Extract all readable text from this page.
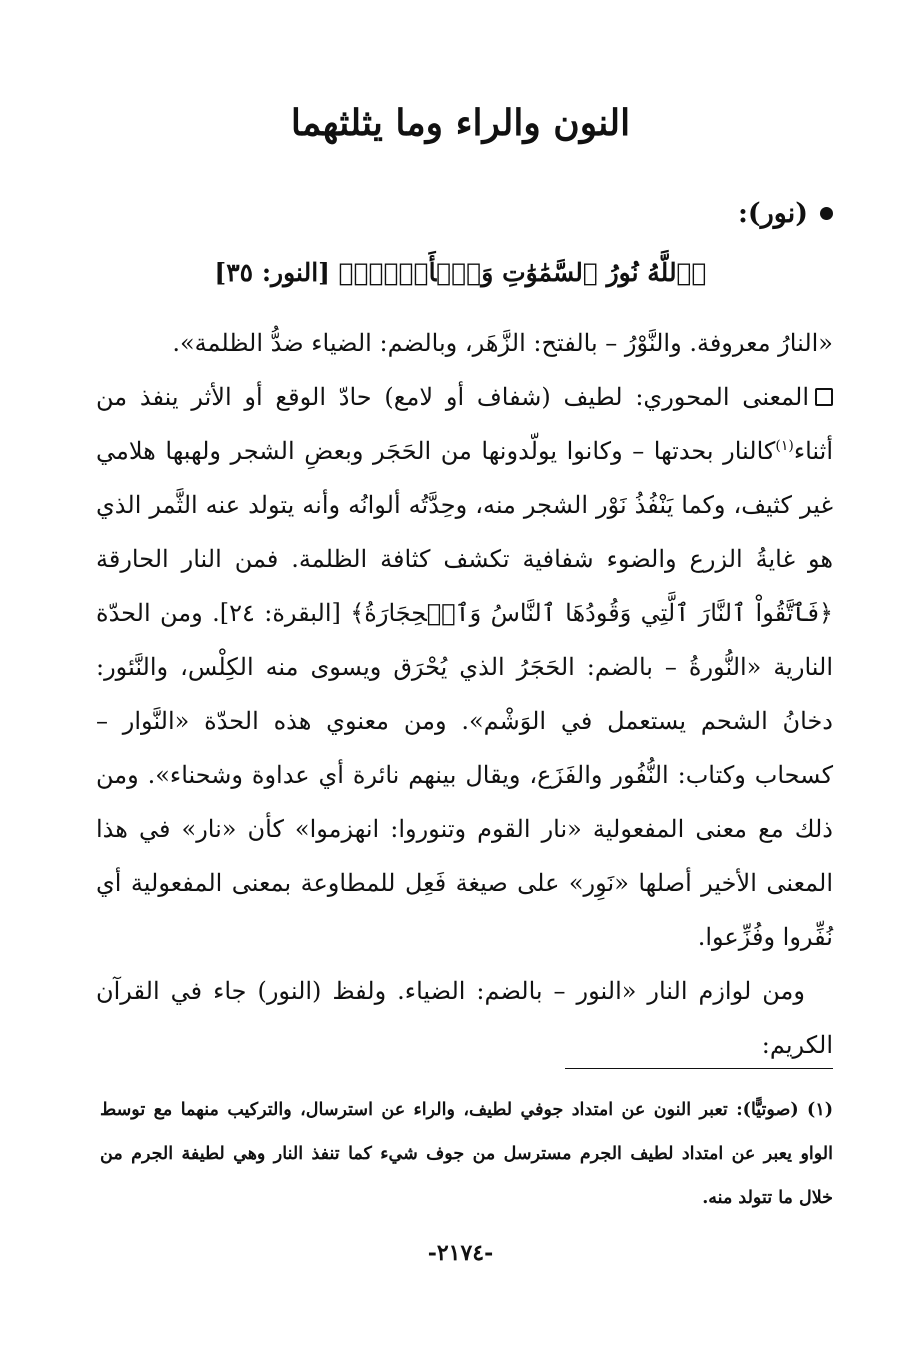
النون والراء وما يثلثهما
(نور):
﴿ٱللَّهُ نُورُ ٱلسَّمَٰوَٰتِ وَٱلۡأَرۡضِۚ﴾ [النور: ٣٥]

«النارُ معروفة. والنَّوْرُ – بالفتح: الزَّهَر، وبالضم: الضياء ضدُّ الظلمة».

المعنى المحوري: لطيف (شفاف أو لامع) حادّ الوقع أو الأثر ينفذ من أثناء$^{(١)}$كالنار بحدتها – وكانوا يولّدونها من الحَجَر وبعضِ الشجر ولهبها هلامي غير كثيف، وكما يَنْفُذُ نَوْر الشجر منه، وحِدَّتُه ألوانُه وأنه يتولد عنه الثَّمر الذي هو غايةُ الزرع والضوء شفافية تكشف كثافة الظلمة. فمن النار الحارقة ﴿فَٱتَّقُواْ ٱلنَّارَ ٱلَّتِي وَقُودُهَا ٱلنَّاسُ وَٱلۡحِجَارَةُ﴾ [البقرة: ٢٤]. ومن الحدّة النارية «النُّورةُ – بالضم: الحَجَرُ الذي يُحْرَق ويسوى منه الكِلْس، والنَّئور: دخانُ الشحم يستعمل في الوَشْم». ومن معنوي هذه الحدّة «النَّوار – كسحاب وكتاب: النُّفُور والفَزَع، ويقال بينهم نائرة أي عداوة وشحناء». ومن ذلك مع معنى المفعولية «نار القوم وتنوروا: انهزموا» كأن «نار» في هذا المعنى الأخير أصلها «نَوِر» على صيغة فَعِل للمطاوعة بمعنى المفعولية أي نُفِّروا وفُزِّعوا.

ومن لوازم النار «النور – بالضم: الضياء. ولفظ (النور) جاء في القرآن الكريم:

(١) (صوتيًّا): تعبر النون عن امتداد جوفي لطيف، والراء عن استرسال، والتركيب منهما مع توسط الواو يعبر عن امتداد لطيف الجرم مسترسل من جوف شيء كما تنفذ النار وهي لطيفة الجرم من خلال ما تتولد منه.

-٢١٧٤-
